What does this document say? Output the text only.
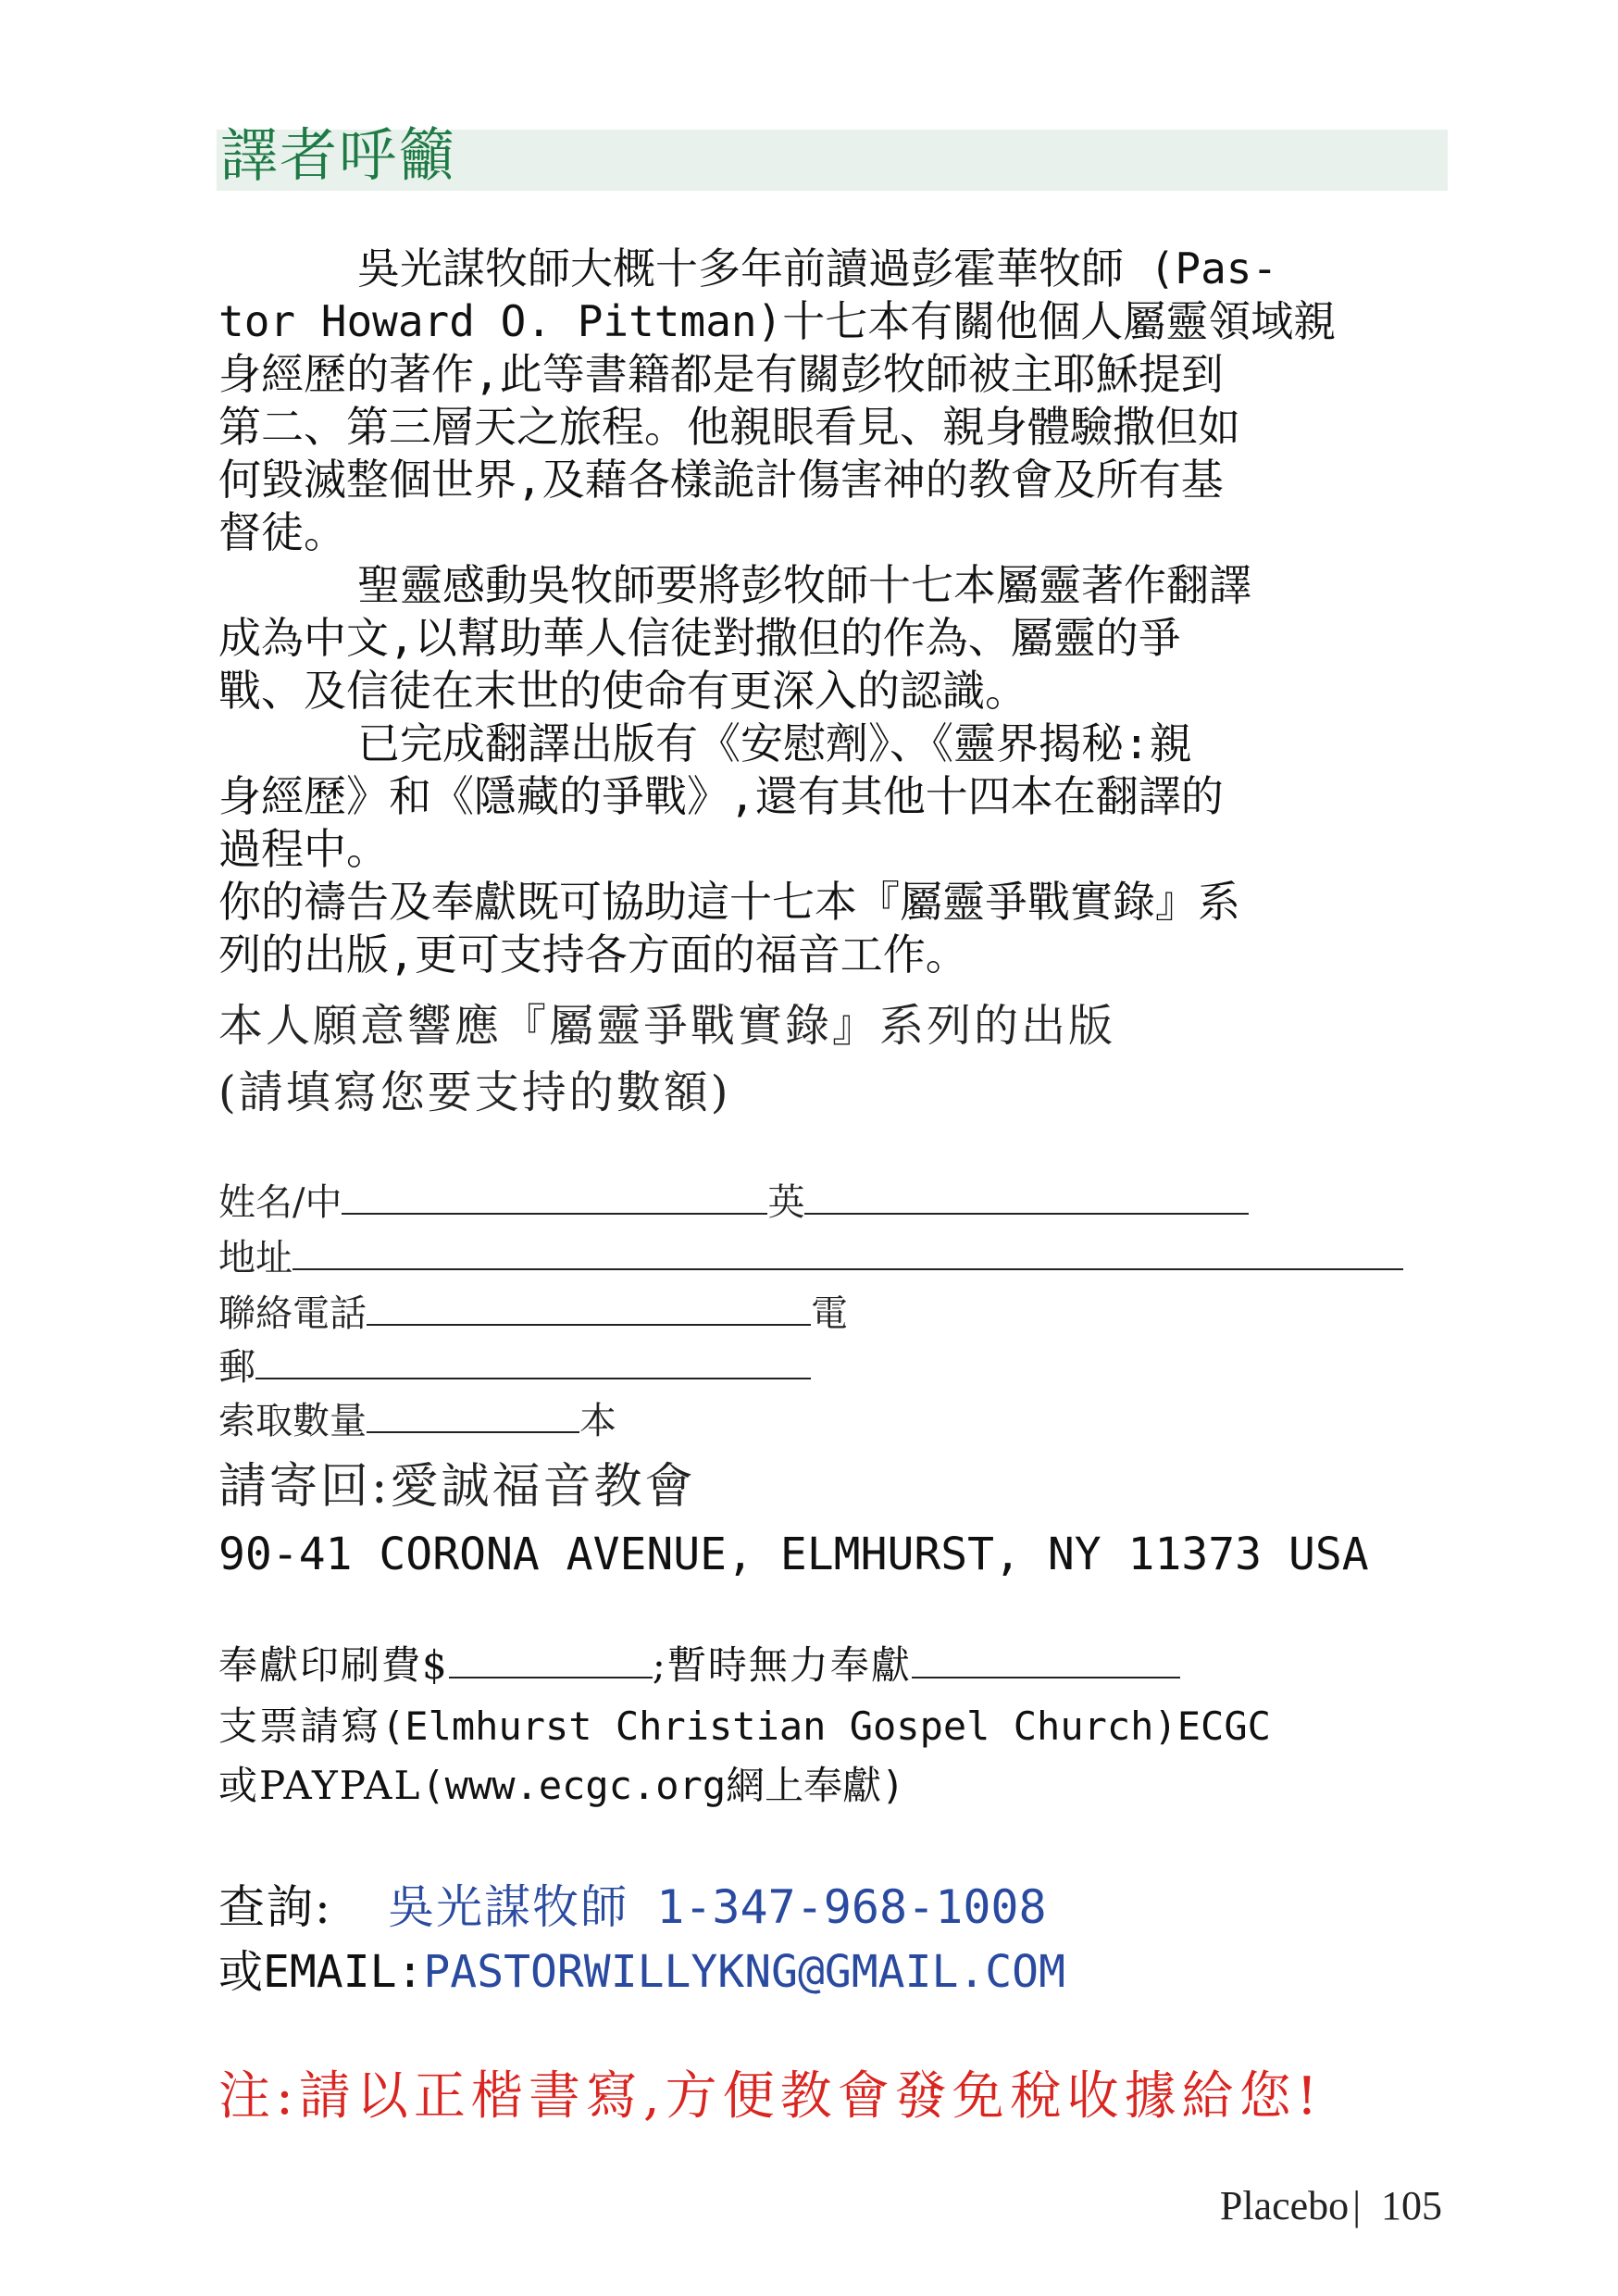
譯者呼籲

吳光謀牧師大概十多年前讀過彭霍華牧師 (Pas-

tor Howard O. Pittman)十七本有關他個人屬靈領域親

身經歷的著作,此等書籍都是有關彭牧師被主耶穌提到

第二、第三層天之旅程。他親眼看見、親身體驗撒但如

何毀滅整個世界,及藉各樣詭計傷害神的教會及所有基

督徒。

聖靈感動吳牧師要將彭牧師十七本屬靈著作翻譯

成為中文,以幫助華人信徒對撒但的作為、屬靈的爭

戰、及信徒在末世的使命有更深入的認識。

已完成翻譯出版有《安慰劑》、《靈界揭秘:親

身經歷》和《隱藏的爭戰》,還有其他十四本在翻譯的

過程中。

你的禱告及奉獻既可協助這十七本『屬靈爭戰實錄』系

列的出版,更可支持各方面的福音工作。

本人願意響應『屬靈爭戰實錄』系列的出版
(請填寫您要支持的數額)
姓名/中	英
地址
聯絡電話	電
郵
索取數量	本
請寄回:愛誠福音教會
90-41 CORONA AVENUE, ELMHURST, NY 11373 USA
奉獻印刷費$	;暫時無力奉獻
支票請寫(Elmhurst Christian Gospel Church)ECGC
或PAYPAL(www.ecgc.org網上奉獻)
查詢: 吳光謀牧師 1-347-968-1008
或EMAIL:PASTORWILLYKNG@GMAIL.COM
注:請以正楷書寫,方便教會發免稅收據給您!
Placebo| 105
